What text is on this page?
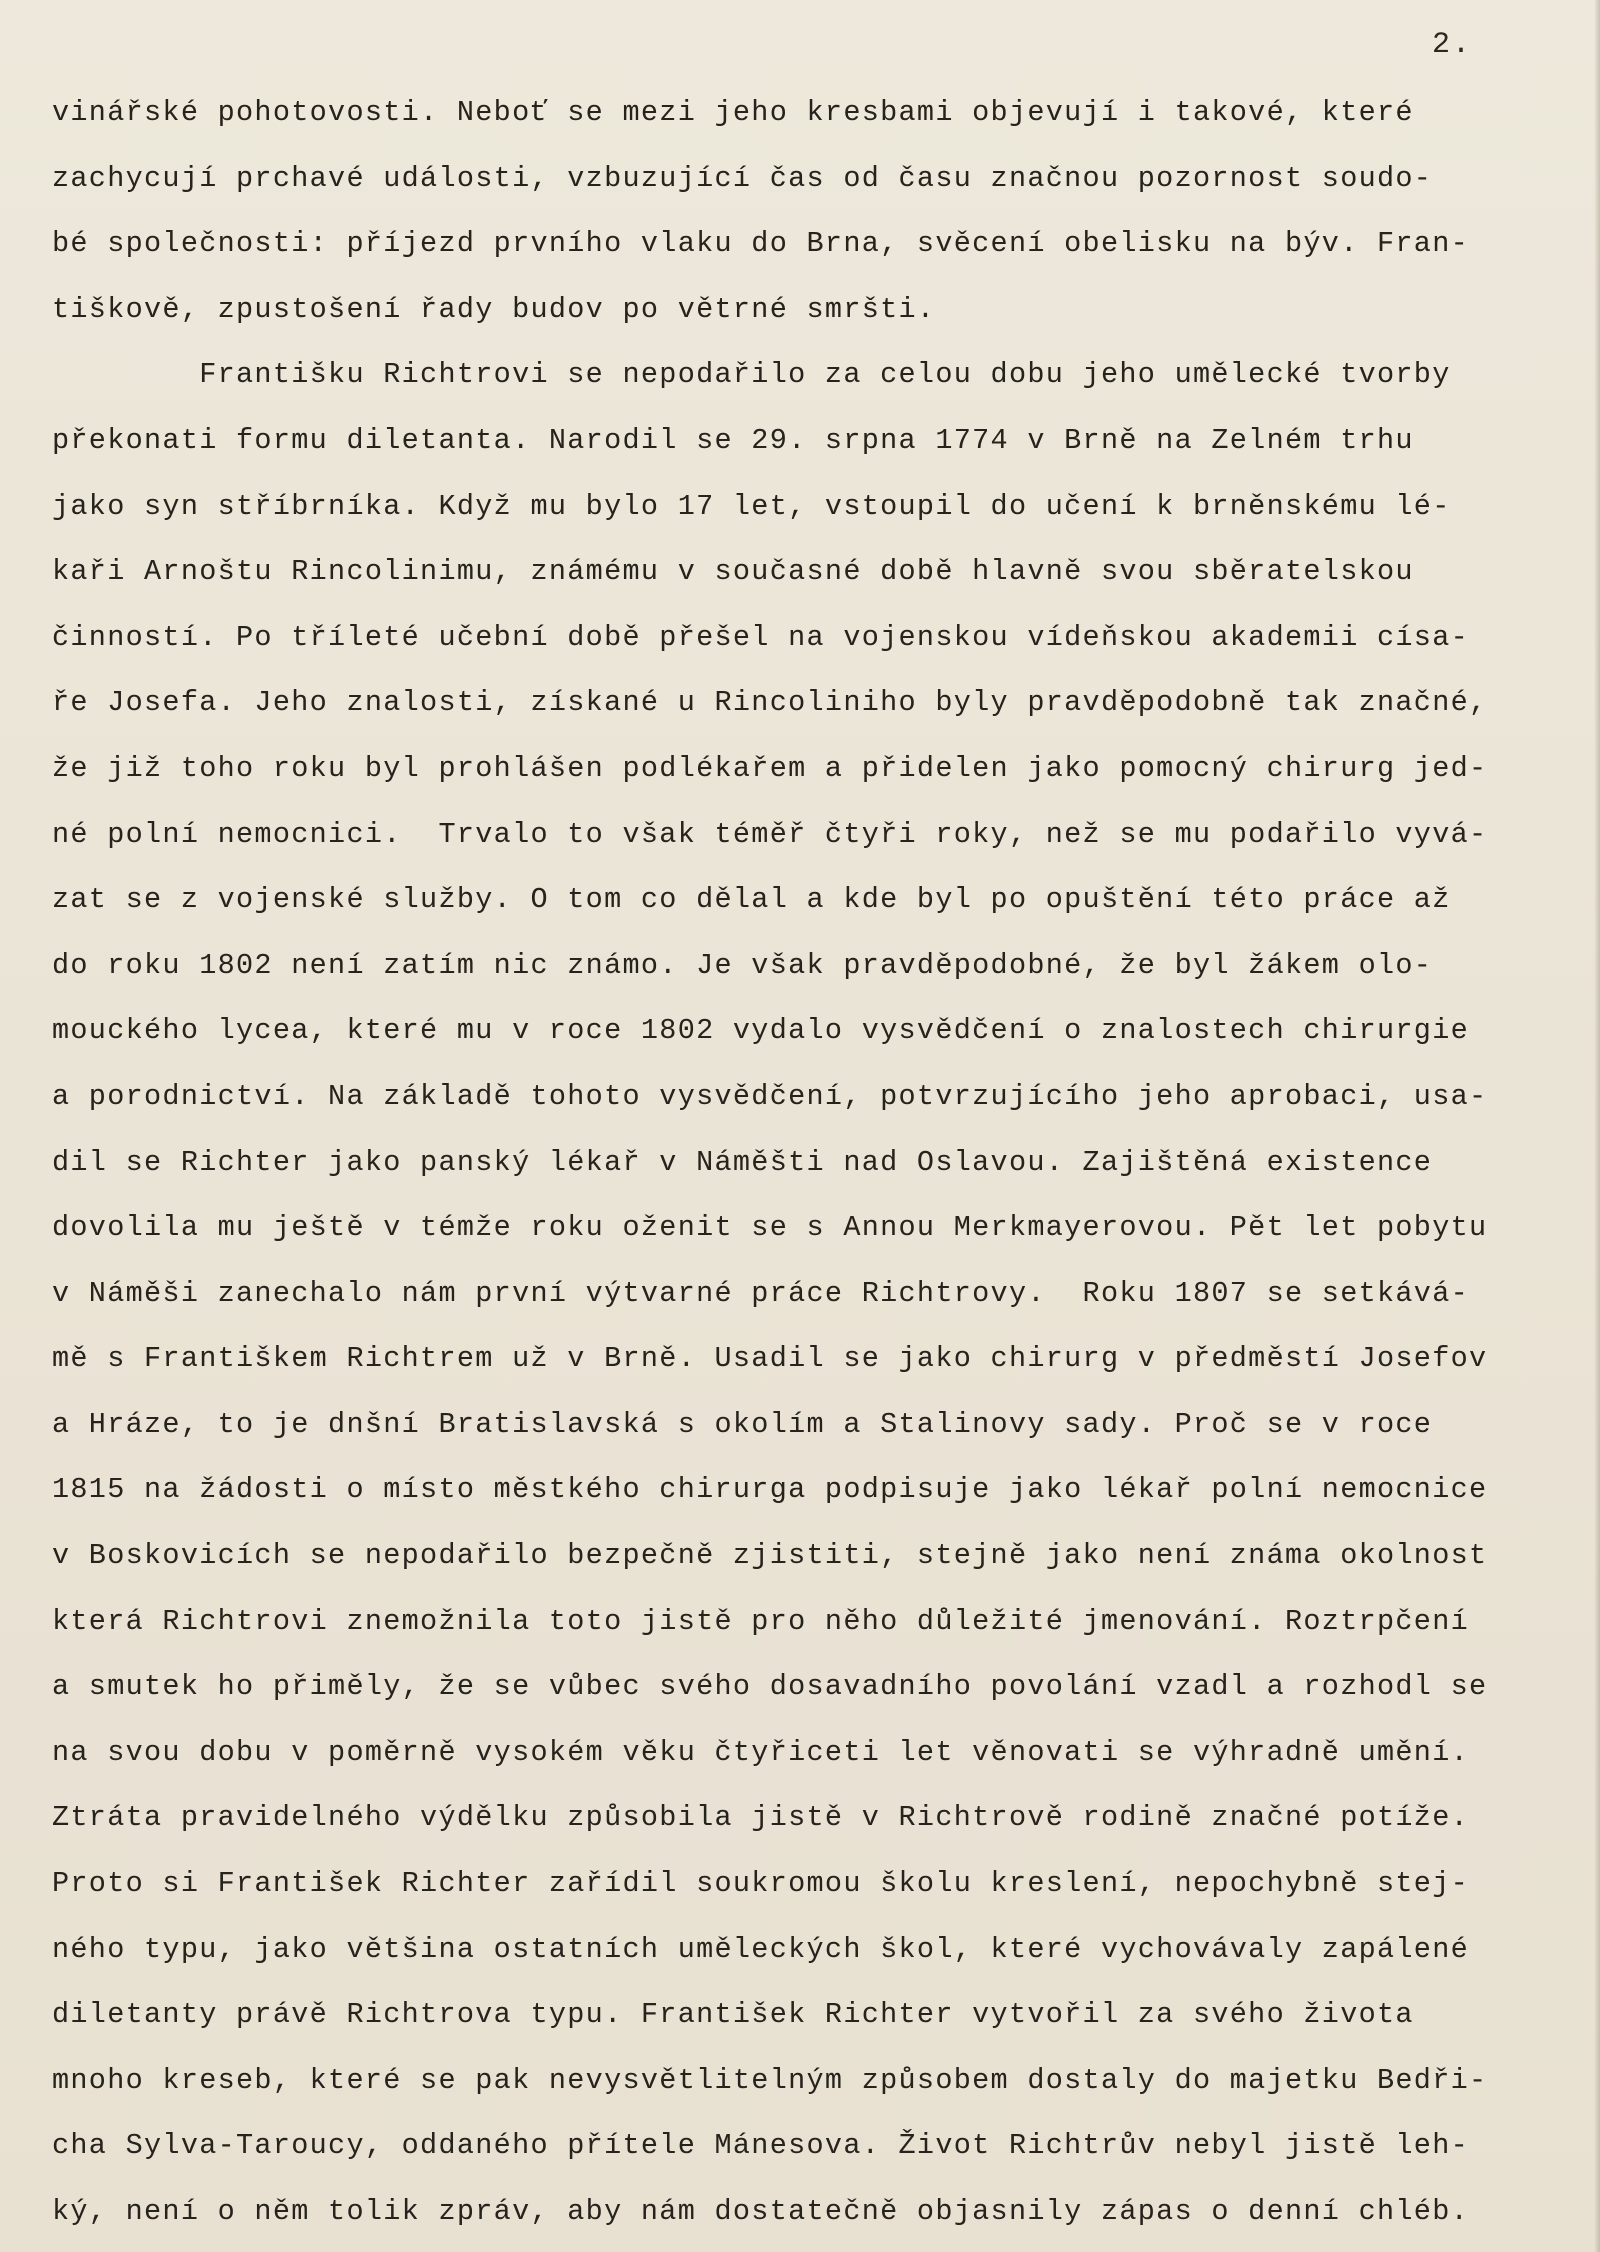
2.
vinářské pohotovosti. Neboť se mezi jeho kresbami objevují i takové, které
zachycují prchavé události, vzbuzující čas od času značnou pozornost soudo-
bé společnosti: příjezd prvního vlaku do Brna, svěcení obelisku na býv. Fran-
tiškově, zpustošení řady budov po větrné smršti.
Františku Richtrovi se nepodařilo za celou dobu jeho umělecké tvorby
překonati formu diletanta. Narodil se 29. srpna 1774 v Brně na Zelném trhu
jako syn stříbrníka. Když mu bylo 17 let, vstoupil do učení k brněnskému lé-
kaři Arnoštu Rincolinimu, známému v současné době hlavně svou sběratelskou
činností. Po tříleté učební době přešel na vojenskou vídeňskou akademii císa-
ře Josefa. Jeho znalosti, získané u Rincoliniho byly pravděpodobně tak značné,
že již toho roku byl prohlášen podlékařem a přidelen jako pomocný chirurg jed-
né polní nemocnici.  Trvalo to však téměř čtyři roky, než se mu podařilo vyvá-
zat se z vojenské služby. O tom co dělal a kde byl po opuštění této práce až
do roku 1802 není zatím nic známo. Je však pravděpodobné, že byl žákem olo-
mouckého lycea, které mu v roce 1802 vydalo vysvědčení o znalostech chirurgie
a porodnictví. Na základě tohoto vysvědčení, potvrzujícího jeho aprobaci, usa-
dil se Richter jako panský lékař v Náměšti nad Oslavou. Zajištěná existence
dovolila mu ještě v témže roku oženit se s Annou Merkmayerovou. Pět let pobytu
v Náměši zanechalo nám první výtvarné práce Richtrovy.  Roku 1807 se setkává-
mě s Františkem Richtrem už v Brně. Usadil se jako chirurg v předměstí Josefov
a Hráze, to je dnšní Bratislavská s okolím a Stalinovy sady. Proč se v roce
1815 na žádosti o místo městkého chirurga podpisuje jako lékař polní nemocnice
v Boskovicích se nepodařilo bezpečně zjistiti, stejně jako není známa okolnost
která Richtrovi znemožnila toto jistě pro něho důležité jmenování. Roztrpčení
a smutek ho přiměly, že se vůbec svého dosavadního povolání vzadl a rozhodl se
na svou dobu v poměrně vysokém věku čtyřiceti let věnovati se výhradně umění.
Ztráta pravidelného výdělku způsobila jistě v Richtrově rodině značné potíže.
Proto si František Richter zařídil soukromou školu kreslení, nepochybně stej-
ného typu, jako většina ostatních uměleckých škol, které vychovávaly zapálené
diletanty právě Richtrova typu. František Richter vytvořil za svého života
mnoho kreseb, které se pak nevysvětlitelným způsobem dostaly do majetku Bedři-
cha Sylva-Taroucy, oddaného přítele Mánesova. Život Richtrův nebyl jistě leh-
ký, není o něm tolik zpráv, aby nám dostatečně objasnily zápas o denní chléb.
